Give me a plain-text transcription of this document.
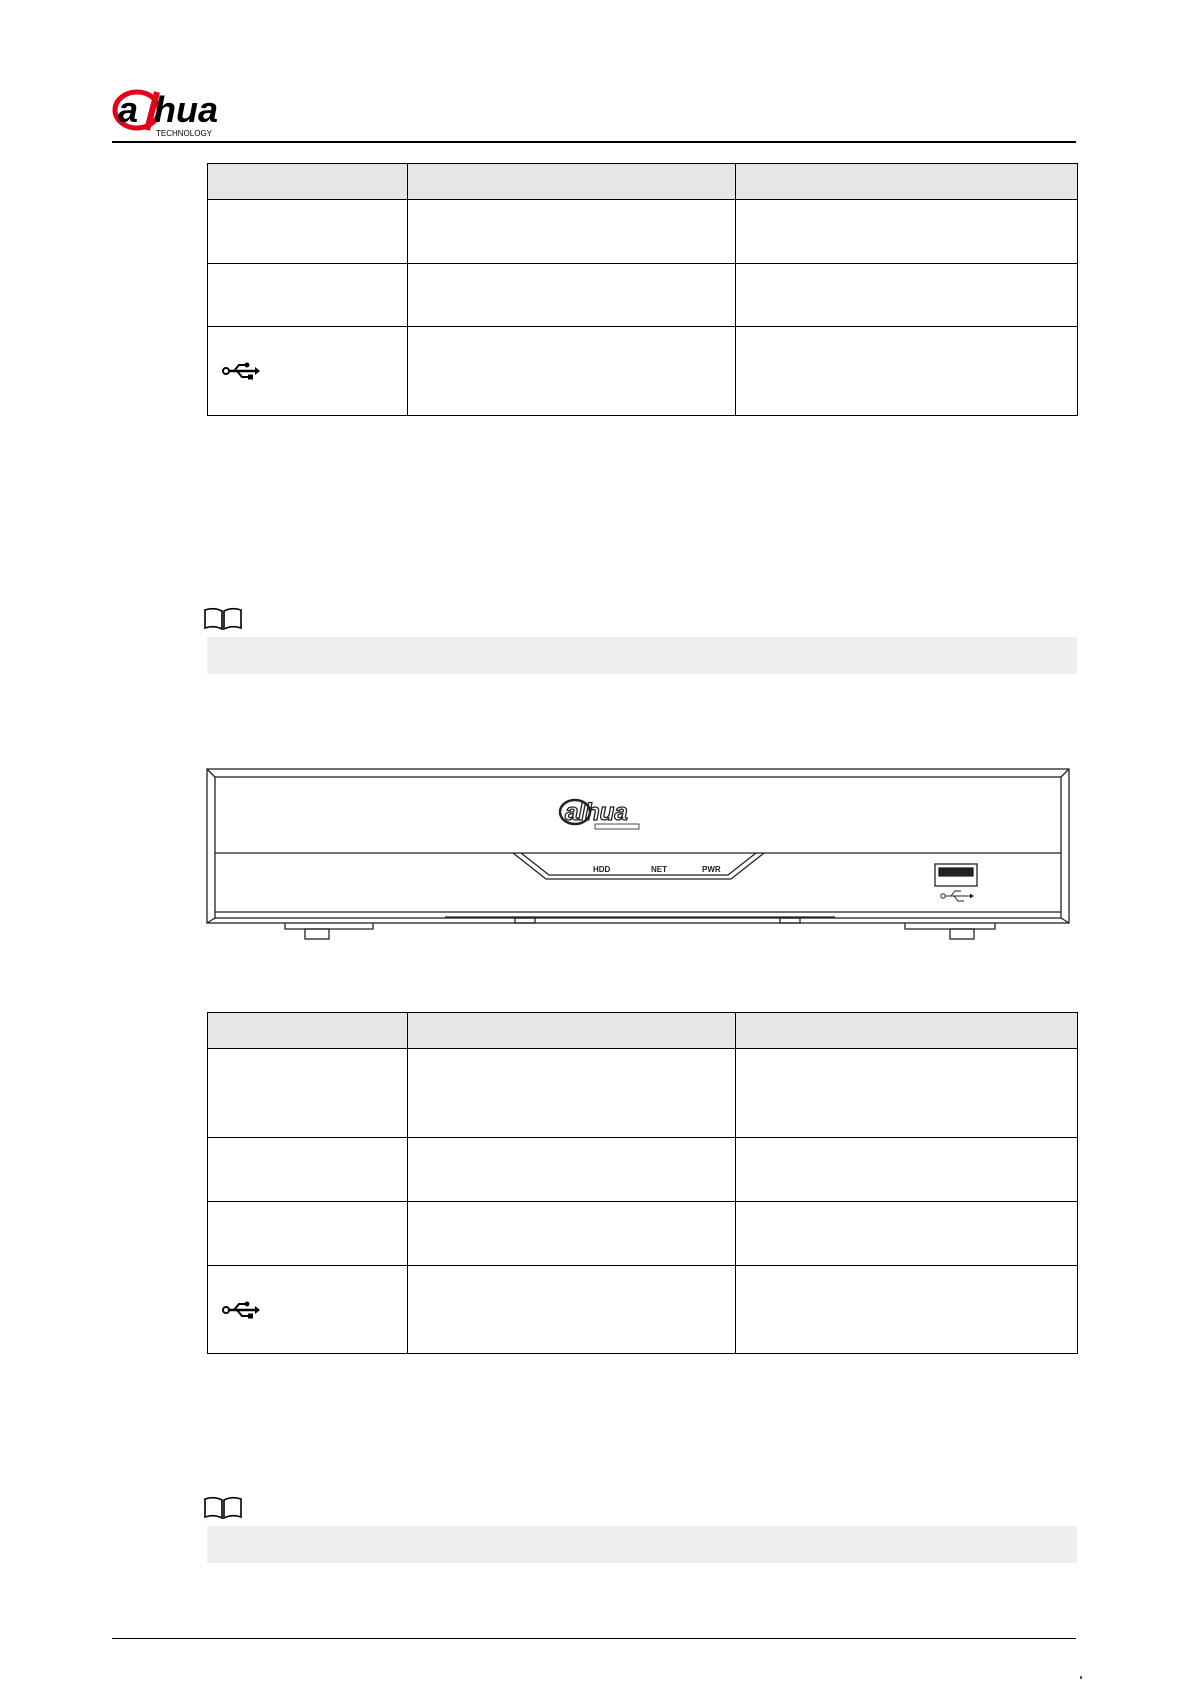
a hua
TECHNOLOGY

alhua
HDD	NET	PWR
